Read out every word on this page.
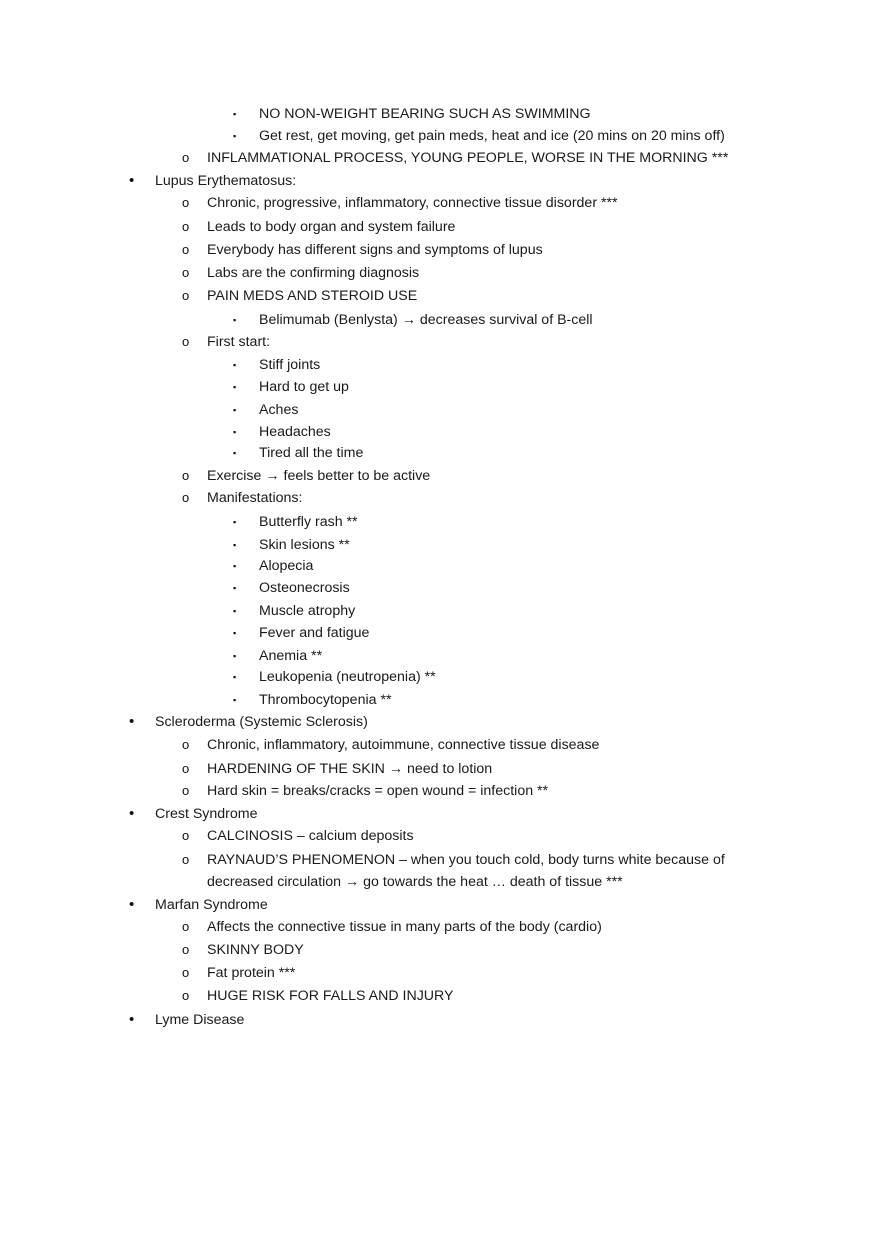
▪ NO NON-WEIGHT BEARING SUCH AS SWIMMING
▪ Get rest, get moving, get pain meds, heat and ice (20 mins on 20 mins off)
o INFLAMMATIONAL PROCESS, YOUNG PEOPLE, WORSE IN THE MORNING ***
• Lupus Erythematosus:
o Chronic, progressive, inflammatory, connective tissue disorder ***
o Leads to body organ and system failure
o Everybody has different signs and symptoms of lupus
o Labs are the confirming diagnosis
o PAIN MEDS AND STEROID USE
▪ Belimumab (Benlysta) → decreases survival of B-cell
o First start:
▪ Stiff joints
▪ Hard to get up
▪ Aches
▪ Headaches
▪ Tired all the time
o Exercise → feels better to be active
o Manifestations:
▪ Butterfly rash **
▪ Skin lesions **
▪ Alopecia
▪ Osteonecrosis
▪ Muscle atrophy
▪ Fever and fatigue
▪ Anemia **
▪ Leukopenia (neutropenia) **
▪ Thrombocytopenia **
• Scleroderma (Systemic Sclerosis)
o Chronic, inflammatory, autoimmune, connective tissue disease
o HARDENING OF THE SKIN → need to lotion
o Hard skin = breaks/cracks = open wound = infection **
• Crest Syndrome
o CALCINOSIS – calcium deposits
o RAYNAUD’S PHENOMENON – when you touch cold, body turns white because of
decreased circulation → go towards the heat … death of tissue ***
• Marfan Syndrome
o Affects the connective tissue in many parts of the body (cardio)
o SKINNY BODY
o Fat protein ***
o HUGE RISK FOR FALLS AND INJURY
• Lyme Disease
